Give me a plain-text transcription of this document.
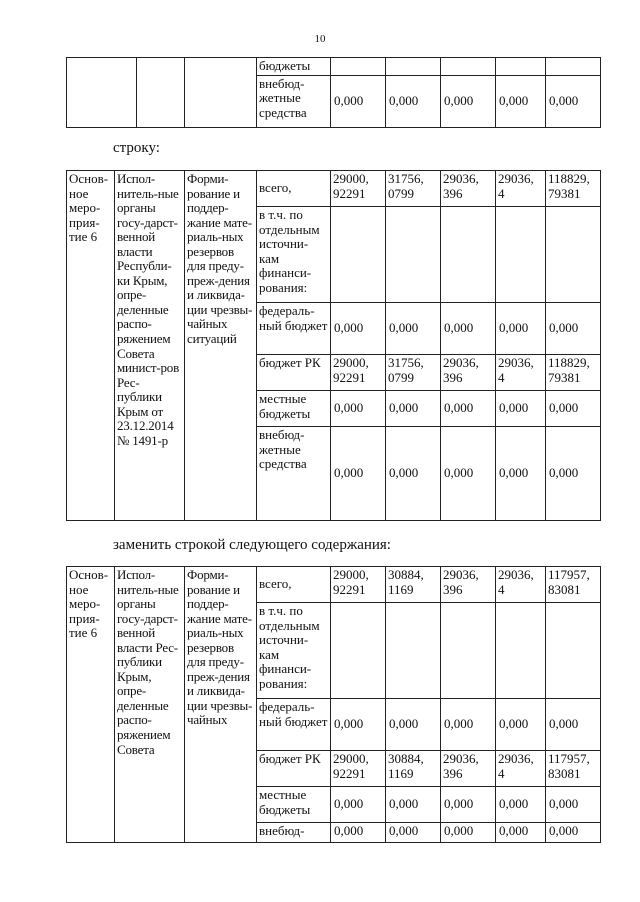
10
			бюджеты					
			внебюд-жетные средства	0,000	0,000	0,000	0,000	0,000
строку:
Основ-ное меро-прия-тие 6	Испол-нитель-ные органы госу-дарст-венной власти Республи-ки Крым, опре-деленные распо-ряжением Совета минист-ров Рес-публики Крым от 23.12.2014 № 1491-р	Форми-рование и поддер-жание мате-риаль-ных резервов для преду-преж-дения и ликвида-ции чрезвы-чайных ситуаций	всего,	29000, 92291	31756, 0799	29036, 396	29036, 4	118829, 79381
			в т.ч. по отдельным источни-кам финанси-рования:					
			федераль-ный бюджет	0,000	0,000	0,000	0,000	0,000
			бюджет РК	29000, 92291	31756, 0799	29036, 396	29036, 4	118829, 79381
			местные бюджеты	0,000	0,000	0,000	0,000	0,000
			внебюд-жетные средства	0,000	0,000	0,000	0,000	0,000
заменить строкой следующего содержания:
Основ-ное меро-прия-тие 6	Испол-нитель-ные органы госу-дарст-венной власти Рес-публики Крым, опре-деленные распо-ряжением Совета	Форми-рование и поддер-жание мате-риаль-ных резервов для преду-преж-дения и ликвида-ции чрезвы-чайных	всего,	29000, 92291	30884, 1169	29036, 396	29036, 4	117957, 83081
			в т.ч. по отдельным источни-кам финанси-рования:					
			федераль-ный бюджет	0,000	0,000	0,000	0,000	0,000
			бюджет РК	29000, 92291	30884, 1169	29036, 396	29036, 4	117957, 83081
			местные бюджеты	0,000	0,000	0,000	0,000	0,000
			внебюд-	0,000	0,000	0,000	0,000	0,000
